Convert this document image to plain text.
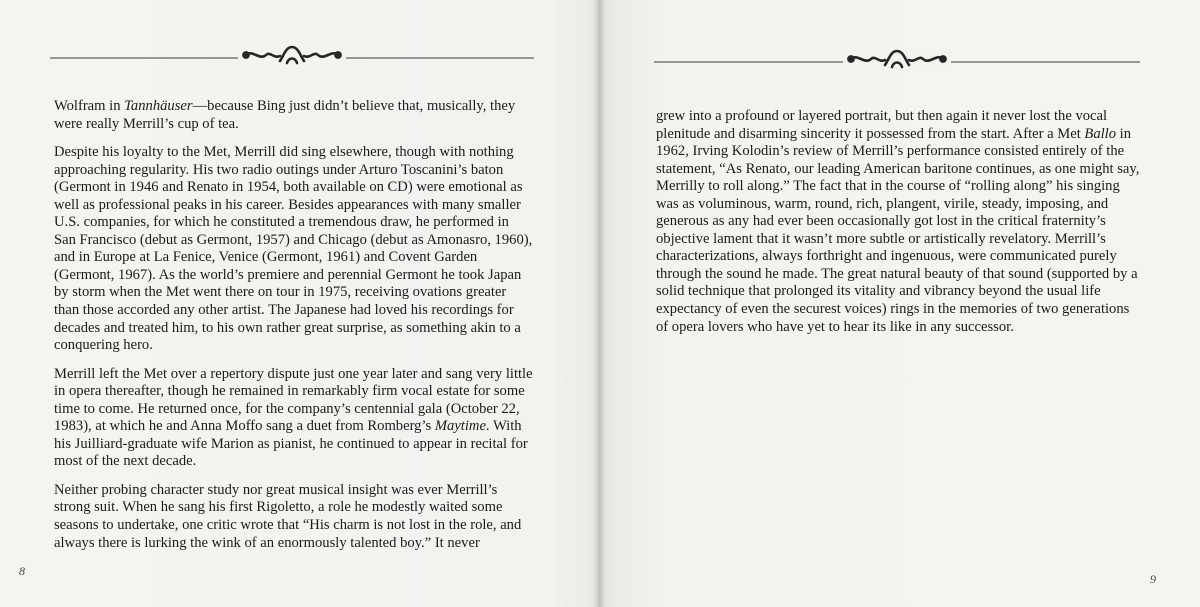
Wolfram in Tannhäuser—because Bing just didn’t believe that, musically, they were really Merrill’s cup of tea.

Despite his loyalty to the Met, Merrill did sing elsewhere, though with nothing approaching regularity. His two radio outings under Arturo Toscanini’s baton (Germont in 1946 and Renato in 1954, both available on CD) were emotional as well as professional peaks in his career. Besides appearances with many smaller U.S. companies, for which he constituted a tremendous draw, he performed in San Francisco (debut as Germont, 1957) and Chicago (debut as Amonasro, 1960), and in Europe at La Fenice, Venice (Germont, 1961) and Covent Garden (Germont, 1967). As the world’s premiere and perennial Germont he took Japan by storm when the Met went there on tour in 1975, receiving ovations greater than those accorded any other artist. The Japanese had loved his recordings for decades and treated him, to his own rather great surprise, as something akin to a conquering hero.

Merrill left the Met over a repertory dispute just one year later and sang very little in opera thereafter, though he remained in remarkably firm vocal estate for some time to come. He returned once, for the company’s centennial gala (October 22, 1983), at which he and Anna Moffo sang a duet from Romberg’s Maytime. With his Juilliard-graduate wife Marion as pianist, he continued to appear in recital for most of the next decade.

Neither probing character study nor great musical insight was ever Merrill’s strong suit. When he sang his first Rigoletto, a role he modestly waited some seasons to undertake, one critic wrote that “His charm is not lost in the role, and always there is lurking the wink of an enormously talented boy.” It never

8

grew into a profound or layered portrait, but then again it never lost the vocal plenitude and disarming sincerity it possessed from the start. After a Met Ballo in 1962, Irving Kolodin’s review of Merrill’s performance consisted entirely of the statement, “As Renato, our leading American baritone continues, as one might say, Merrilly to roll along.” The fact that in the course of “rolling along” his singing was as voluminous, warm, round, rich, plangent, virile, steady, imposing, and generous as any had ever been occasionally got lost in the critical fraternity’s objective lament that it wasn’t more subtle or artistically revelatory. Merrill’s characterizations, always forthright and ingenuous, were communicated purely through the sound he made. The great natural beauty of that sound (supported by a solid technique that prolonged its vitality and vibrancy beyond the usual life expectancy of even the securest voices) rings in the memories of two generations of opera lovers who have yet to hear its like in any successor.

9
